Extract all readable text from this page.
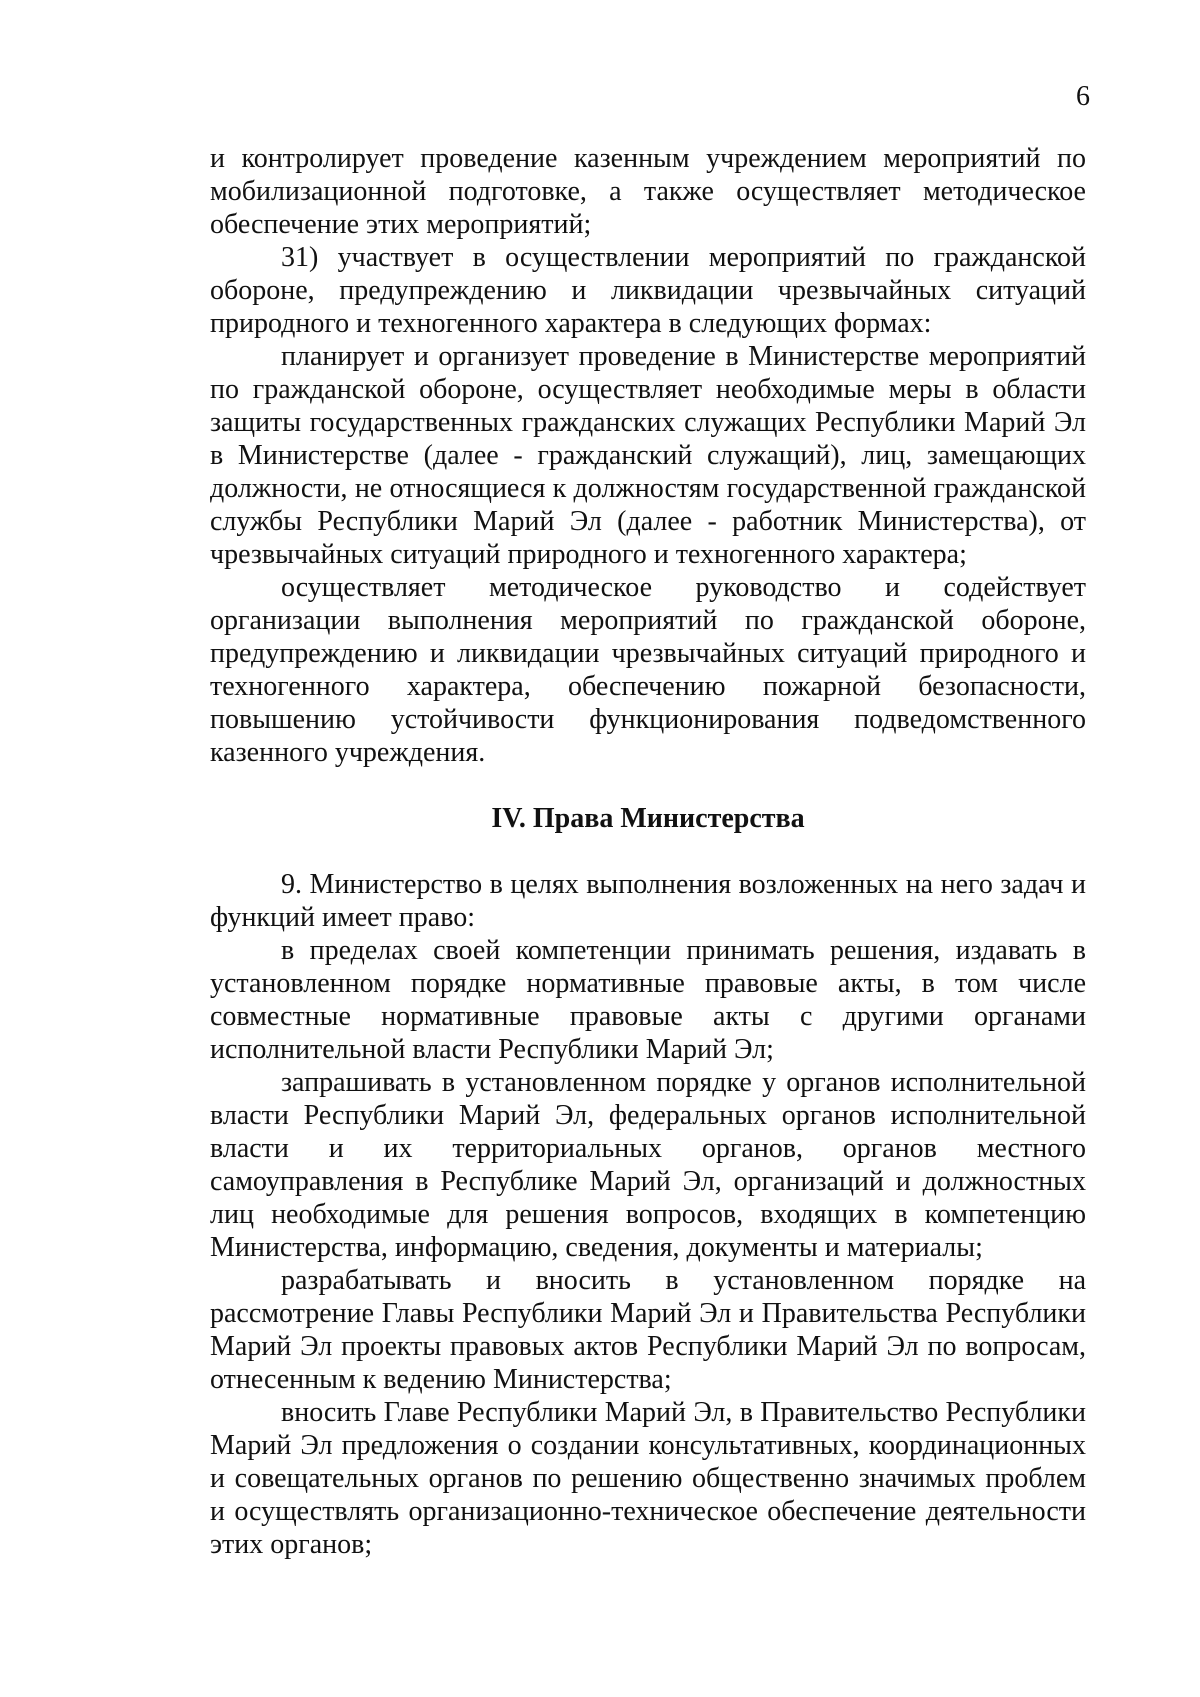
6

и контролирует проведение казенным учреждением мероприятий по мобилизационной подготовке, а также осуществляет методическое обеспечение этих мероприятий;

31) участвует в осуществлении мероприятий по гражданской обороне, предупреждению и ликвидации чрезвычайных ситуаций природного и техногенного характера в следующих формах:

планирует и организует проведение в Министерстве мероприятий по гражданской обороне, осуществляет необходимые меры в области защиты государственных гражданских служащих Республики Марий Эл в Министерстве (далее - гражданский служащий), лиц, замещающих должности, не относящиеся к должностям государственной гражданской службы Республики Марий Эл (далее - работник Министерства), от чрезвычайных ситуаций природного и техногенного характера;

осуществляет методическое руководство и содействует организации выполнения мероприятий по гражданской обороне, предупреждению и ликвидации чрезвычайных ситуаций природного и техногенного характера, обеспечению пожарной безопасности, повышению устойчивости функционирования подведомственного казенного учреждения.

IV. Права Министерства

9. Министерство в целях выполнения возложенных на него задач и функций имеет право:

в пределах своей компетенции принимать решения, издавать в установленном порядке нормативные правовые акты, в том числе совместные нормативные правовые акты с другими органами исполнительной власти Республики Марий Эл;

запрашивать в установленном порядке у органов исполнительной власти Республики Марий Эл, федеральных органов исполнительной власти и их территориальных органов, органов местного самоуправления в Республике Марий Эл, организаций и должностных лиц необходимые для решения вопросов, входящих в компетенцию Министерства, информацию, сведения, документы и материалы;

разрабатывать и вносить в установленном порядке на рассмотрение Главы Республики Марий Эл и Правительства Республики Марий Эл проекты правовых актов Республики Марий Эл по вопросам, отнесенным к ведению Министерства;

вносить Главе Республики Марий Эл, в Правительство Республики Марий Эл предложения о создании консультативных, координационных и совещательных органов по решению общественно значимых проблем и осуществлять организационно-техническое обеспечение деятельности этих органов;
